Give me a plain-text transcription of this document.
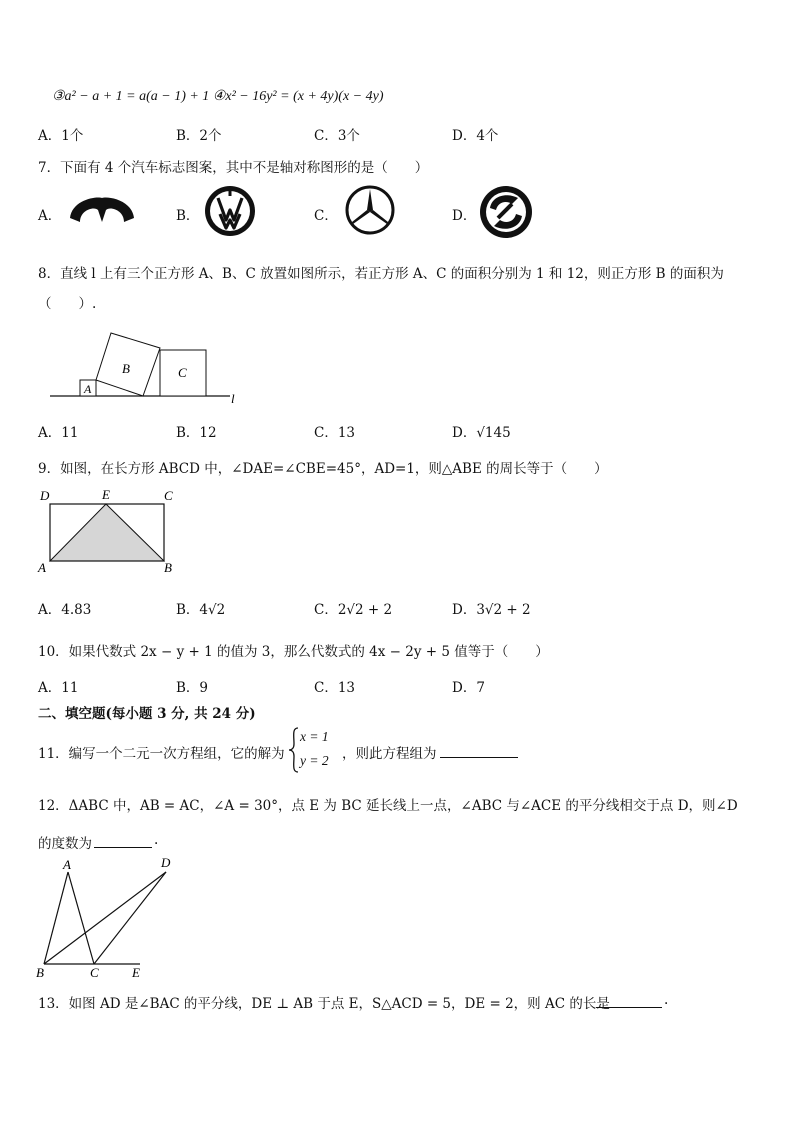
③a² − a + 1 = a(a − 1) + 1 ④x² − 16y² = (x + 4y)(x − 4y)
A．1个	B．2个	C．3个	D．4个
7．下面有 4 个汽车标志图案，其中不是轴对称图形的是（　　）
A．	B．	C．	D．
8．直线 l 上有三个正方形 A、B、C 放置如图所示，若正方形 A、C 的面积分别为 1 和 12，则正方形 B 的面积为
（　　）.
A
B	C
l
A．11	B．12	C．13	D．√145
9．如图，在长方形 ABCD 中，∠DAE=∠CBE=45°，AD=1，则△ABE 的周长等于（　　）
D	E	C
A	B
A．4.83	B．4√2	C．2√2 + 2	D．3√2 + 2
10．如果代数式 2x − y + 1 的值为 3，那么代数式的 4x − 2y + 5 值等于（　　）
A．11	B．9	C．13	D．7
二、填空题(每小题 3 分, 共 24 分)
11．编写一个二元一次方程组，它的解为
x = 1
y = 2 ，则此方程组为
12．ΔABC 中，AB = AC，∠A = 30°，点 E 为 BC 延长线上一点，∠ABC 与∠ACE 的平分线相交于点 D，则∠D
的度数为	.
A	D
B	C	E
13．如图 AD 是∠BAC 的平分线，DE ⊥ AB 于点 E，S△ACD = 5，DE = 2，则 AC 的长是	.
